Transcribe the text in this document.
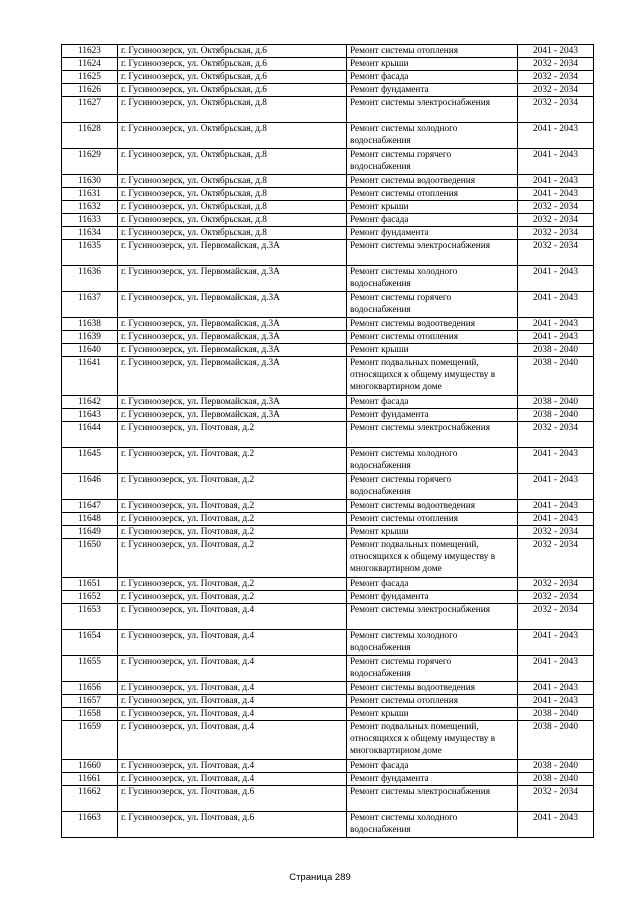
11623	г. Гусиноозерск, ул. Октябрьская, д.6	Ремонт системы отопления	2041 - 2043
11624	г. Гусиноозерск, ул. Октябрьская, д.6	Ремонт крыши	2032 - 2034
11625	г. Гусиноозерск, ул. Октябрьская, д.6	Ремонт фасада	2032 - 2034
11626	г. Гусиноозерск, ул. Октябрьская, д.6	Ремонт фундамента	2032 - 2034
11627	г. Гусиноозерск, ул. Октябрьская, д.8	Ремонт системы электроснабжения	2032 - 2034
11628	г. Гусиноозерск, ул. Октябрьская, д.8	Ремонт системы холодного водоснабжения	2041 - 2043
11629	г. Гусиноозерск, ул. Октябрьская, д.8	Ремонт системы горячего водоснабжения	2041 - 2043
11630	г. Гусиноозерск, ул. Октябрьская, д.8	Ремонт системы водоотведения	2041 - 2043
11631	г. Гусиноозерск, ул. Октябрьская, д.8	Ремонт системы отопления	2041 - 2043
11632	г. Гусиноозерск, ул. Октябрьская, д.8	Ремонт крыши	2032 - 2034
11633	г. Гусиноозерск, ул. Октябрьская, д.8	Ремонт фасада	2032 - 2034
11634	г. Гусиноозерск, ул. Октябрьская, д.8	Ремонт фундамента	2032 - 2034
11635	г. Гусиноозерск, ул. Первомайская, д.3А	Ремонт системы электроснабжения	2032 - 2034
11636	г. Гусиноозерск, ул. Первомайская, д.3А	Ремонт системы холодного водоснабжения	2041 - 2043
11637	г. Гусиноозерск, ул. Первомайская, д.3А	Ремонт системы горячего водоснабжения	2041 - 2043
11638	г. Гусиноозерск, ул. Первомайская, д.3А	Ремонт системы водоотведения	2041 - 2043
11639	г. Гусиноозерск, ул. Первомайская, д.3А	Ремонт системы отопления	2041 - 2043
11640	г. Гусиноозерск, ул. Первомайская, д.3А	Ремонт крыши	2038 - 2040
11641	г. Гусиноозерск, ул. Первомайская, д.3А	Ремонт подвальных помещений, относящихся к общему имуществу в многоквартирном доме	2038 - 2040
11642	г. Гусиноозерск, ул. Первомайская, д.3А	Ремонт фасада	2038 - 2040
11643	г. Гусиноозерск, ул. Первомайская, д.3А	Ремонт фундамента	2038 - 2040
11644	г. Гусиноозерск, ул. Почтовая, д.2	Ремонт системы электроснабжения	2032 - 2034
11645	г. Гусиноозерск, ул. Почтовая, д.2	Ремонт системы холодного водоснабжения	2041 - 2043
11646	г. Гусиноозерск, ул. Почтовая, д.2	Ремонт системы горячего водоснабжения	2041 - 2043
11647	г. Гусиноозерск, ул. Почтовая, д.2	Ремонт системы водоотведения	2041 - 2043
11648	г. Гусиноозерск, ул. Почтовая, д.2	Ремонт системы отопления	2041 - 2043
11649	г. Гусиноозерск, ул. Почтовая, д.2	Ремонт крыши	2032 - 2034
11650	г. Гусиноозерск, ул. Почтовая, д.2	Ремонт подвальных помещений, относящихся к общему имуществу в многоквартирном доме	2032 - 2034
11651	г. Гусиноозерск, ул. Почтовая, д.2	Ремонт фасада	2032 - 2034
11652	г. Гусиноозерск, ул. Почтовая, д.2	Ремонт фундамента	2032 - 2034
11653	г. Гусиноозерск, ул. Почтовая, д.4	Ремонт системы электроснабжения	2032 - 2034
11654	г. Гусиноозерск, ул. Почтовая, д.4	Ремонт системы холодного водоснабжения	2041 - 2043
11655	г. Гусиноозерск, ул. Почтовая, д.4	Ремонт системы горячего водоснабжения	2041 - 2043
11656	г. Гусиноозерск, ул. Почтовая, д.4	Ремонт системы водоотведения	2041 - 2043
11657	г. Гусиноозерск, ул. Почтовая, д.4	Ремонт системы отопления	2041 - 2043
11658	г. Гусиноозерск, ул. Почтовая, д.4	Ремонт крыши	2038 - 2040
11659	г. Гусиноозерск, ул. Почтовая, д.4	Ремонт подвальных помещений, относящихся к общему имуществу в многоквартирном доме	2038 - 2040
11660	г. Гусиноозерск, ул. Почтовая, д.4	Ремонт фасада	2038 - 2040
11661	г. Гусиноозерск, ул. Почтовая, д.4	Ремонт фундамента	2038 - 2040
11662	г. Гусиноозерск, ул. Почтовая, д.6	Ремонт системы электроснабжения	2032 - 2034
11663	г. Гусиноозерск, ул. Почтовая, д.6	Ремонт системы холодного водоснабжения	2041 - 2043
Страница 289
